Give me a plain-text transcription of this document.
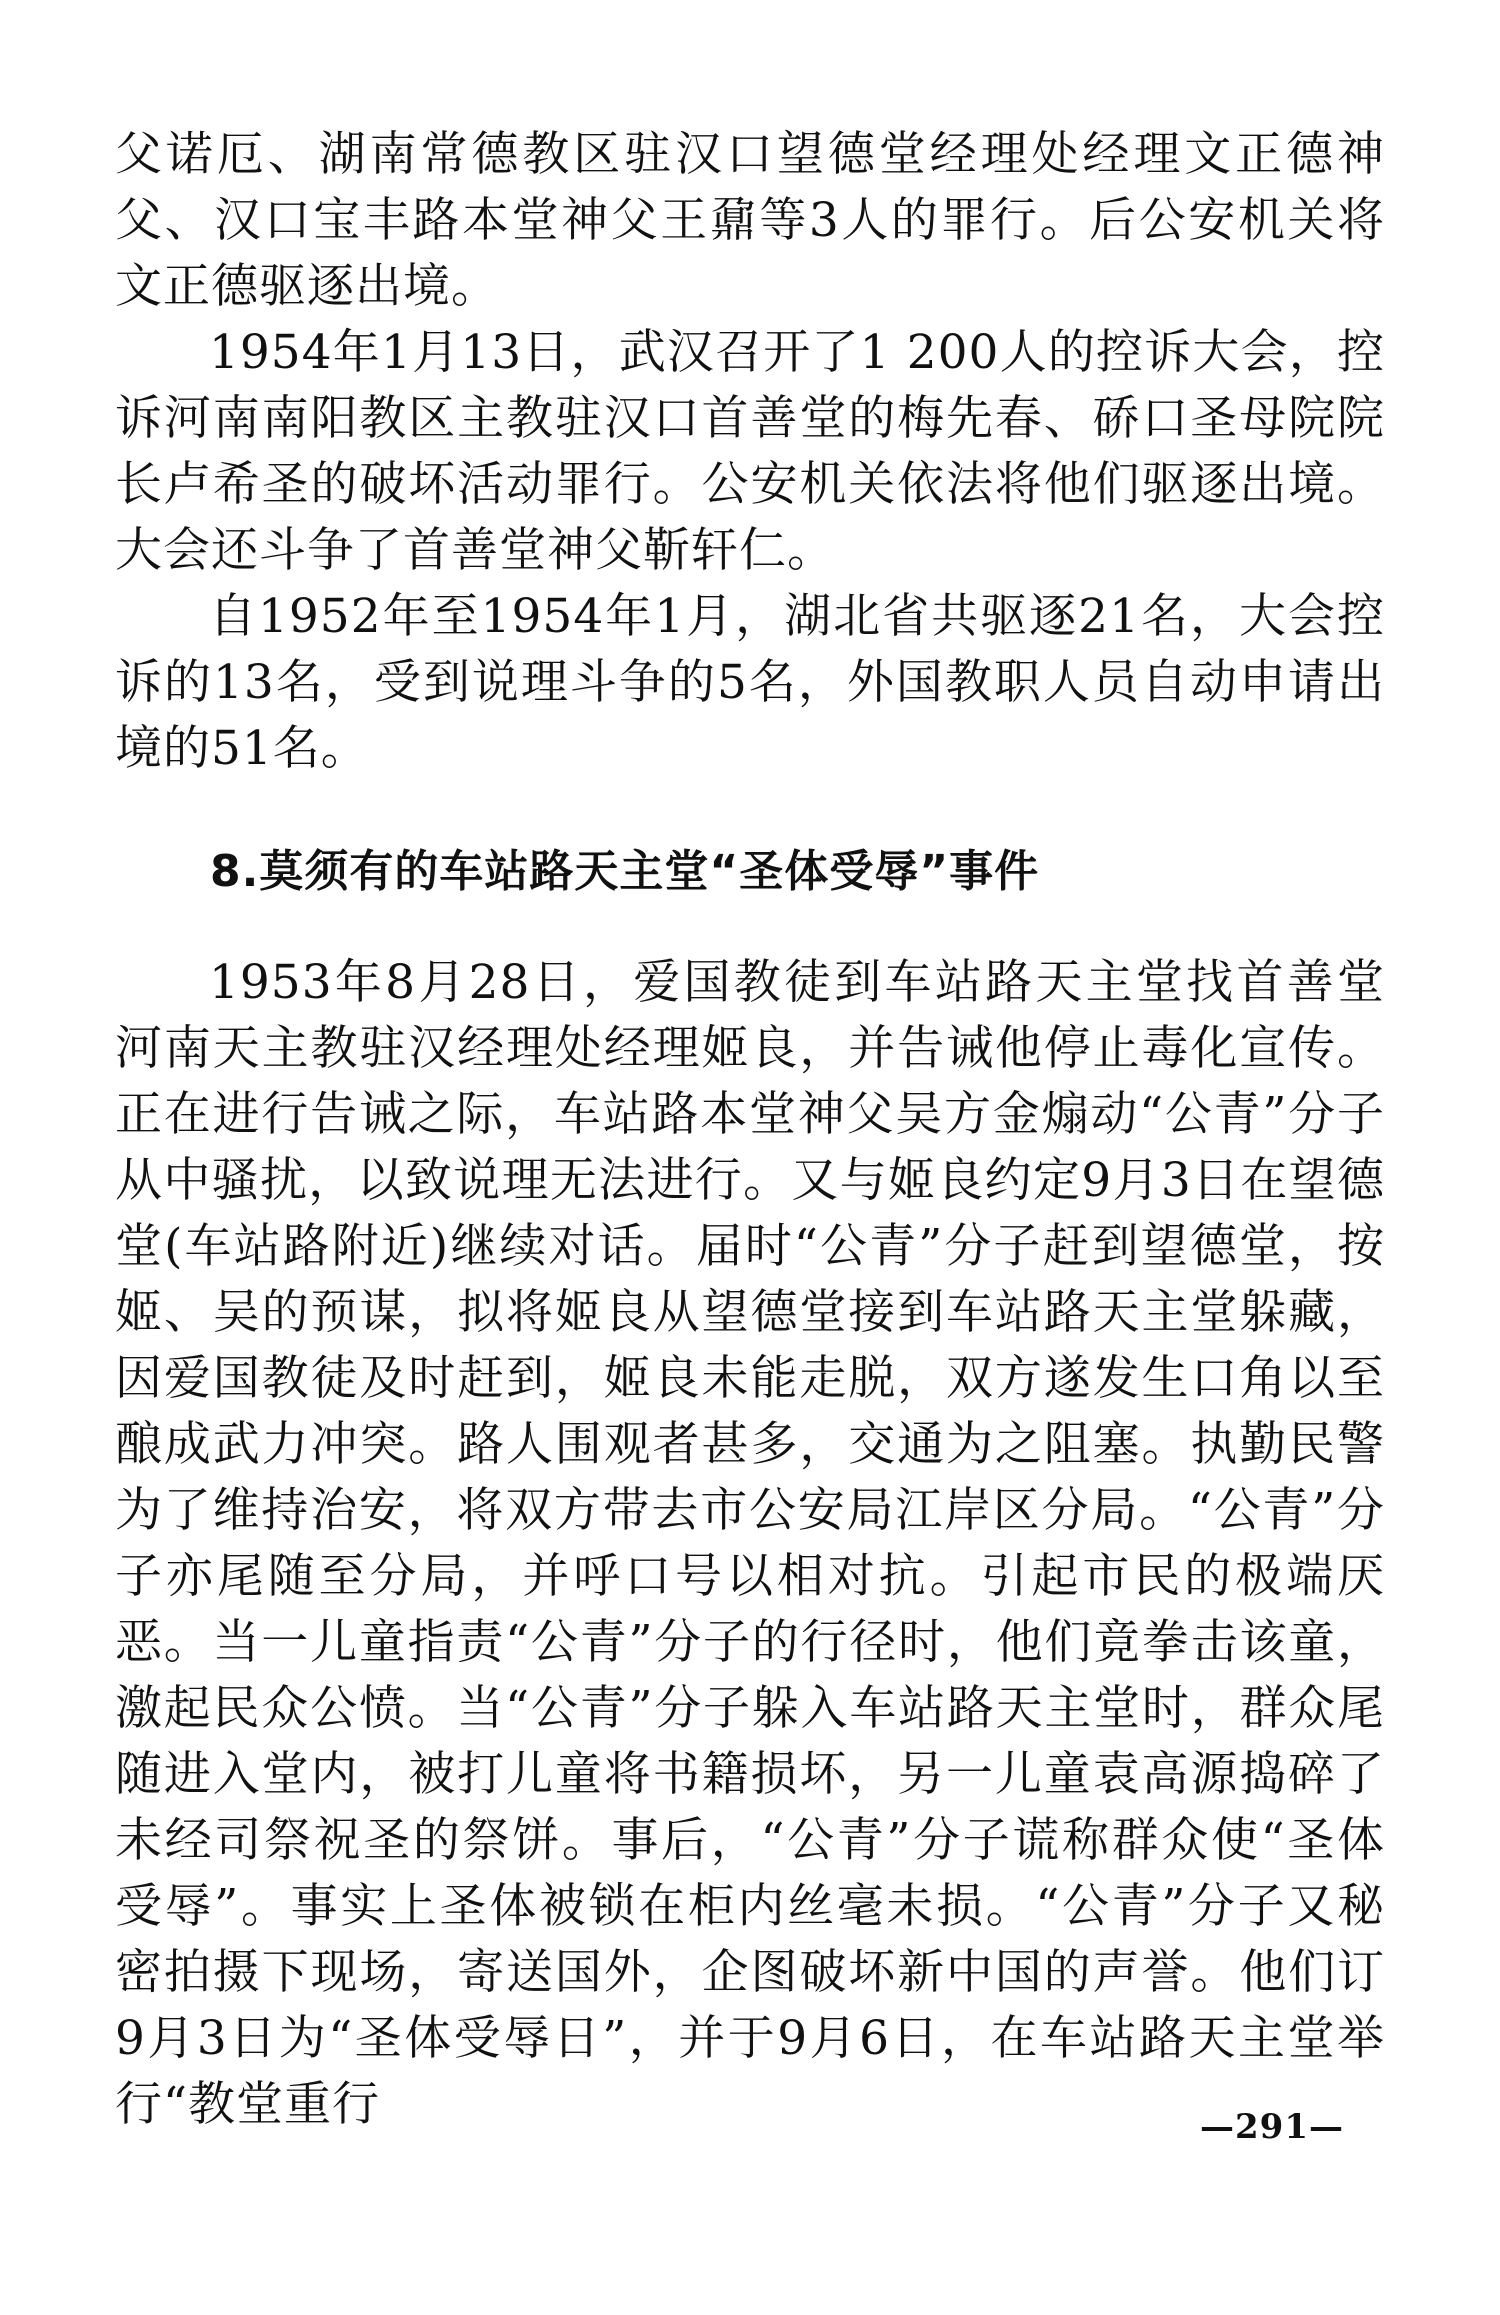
父诺厄、湖南常德教区驻汉口望德堂经理处经理文正德神父、汉口宝丰路本堂神父王鼐等3人的罪行。后公安机关将文正德驱逐出境。
1954年1月13日，武汉召开了1 200人的控诉大会，控诉河南南阳教区主教驻汉口首善堂的梅先春、硚口圣母院院长卢希圣的破坏活动罪行。公安机关依法将他们驱逐出境。大会还斗争了首善堂神父靳轩仁。
自1952年至1954年1月，湖北省共驱逐21名，大会控诉的13名，受到说理斗争的5名，外国教职人员自动申请出境的51名。
8.莫须有的车站路天主堂“圣体受辱”事件
1953年8月28日，爱国教徒到车站路天主堂找首善堂河南天主教驻汉经理处经理姬良，并告诫他停止毒化宣传。正在进行告诫之际，车站路本堂神父吴方金煽动“公青”分子从中骚扰，以致说理无法进行。又与姬良约定9月3日在望德堂(车站路附近)继续对话。届时“公青”分子赶到望德堂，按姬、吴的预谋，拟将姬良从望德堂接到车站路天主堂躲藏，因爱国教徒及时赶到，姬良未能走脱，双方遂发生口角以至酿成武力冲突。路人围观者甚多，交通为之阻塞。执勤民警为了维持治安，将双方带去市公安局江岸区分局。“公青”分子亦尾随至分局，并呼口号以相对抗。引起市民的极端厌恶。当一儿童指责“公青”分子的行径时，他们竟拳击该童，激起民众公愤。当“公青”分子躲入车站路天主堂时，群众尾随进入堂内，被打儿童将书籍损坏，另一儿童袁高源捣碎了未经司祭祝圣的祭饼。事后，“公青”分子谎称群众使“圣体受辱”。事实上圣体被锁在柜内丝毫未损。“公青”分子又秘密拍摄下现场，寄送国外，企图破坏新中国的声誉。他们订9月3日为“圣体受辱日”，并于9月6日，在车站路天主堂举行“教堂重行	—291—
